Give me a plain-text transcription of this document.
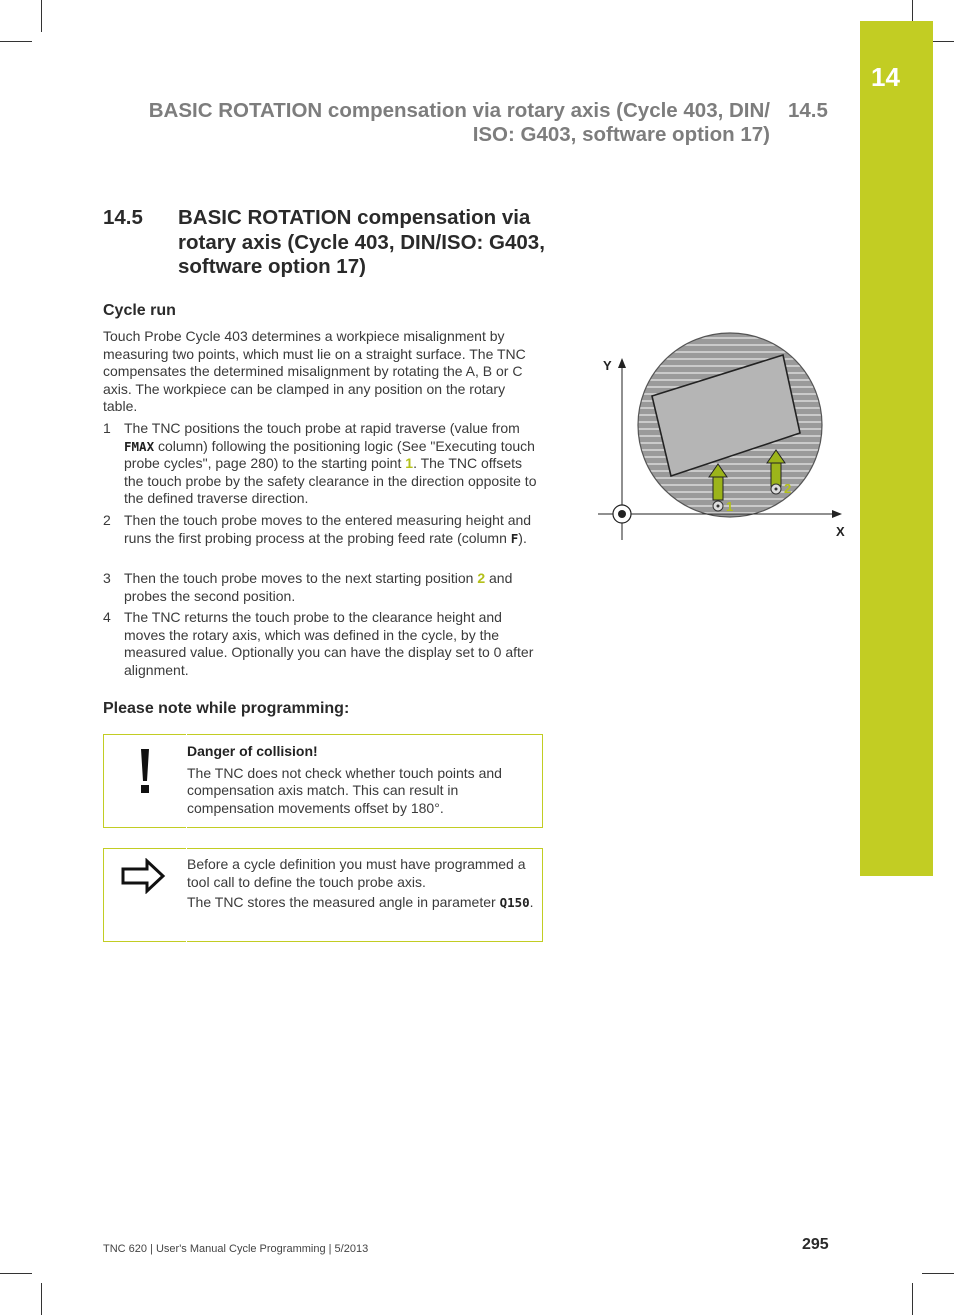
14
BASIC ROTATION compensation via rotary axis (Cycle 403, DIN/
ISO: G403, software option 17)
14.5
14.5 BASIC ROTATION compensation via rotary axis (Cycle 403, DIN/ISO: G403, software option 17)
Cycle run
Touch Probe Cycle 403 determines a workpiece misalignment by measuring two points, which must lie on a straight surface. The TNC compensates the determined misalignment by rotating the A, B or C axis. The workpiece can be clamped in any position on the rotary table.
1 The TNC positions the touch probe at rapid traverse (value from FMAX column) following the positioning logic (See "Executing touch probe cycles", page 280) to the starting point 1. The TNC offsets the touch probe by the safety clearance in the direction opposite to the defined traverse direction.
2 Then the touch probe moves to the entered measuring height and runs the first probing process at the probing feed rate (column F).
3 Then the touch probe moves to the next starting position 2 and probes the second position.
4 The TNC returns the touch probe to the clearance height and moves the rotary axis, which was defined in the cycle, by the measured value. Optionally you can have the display set to 0 after alignment.
Please note while programming:
Danger of collision!
The TNC does not check whether touch points and compensation axis match. This can result in compensation movements offset by 180°.
Before a cycle definition you must have programmed a tool call to define the touch probe axis.
The TNC stores the measured angle in parameter Q150.
1
2
Y
X
TNC 620 | User's Manual Cycle Programming | 5/2013	295
